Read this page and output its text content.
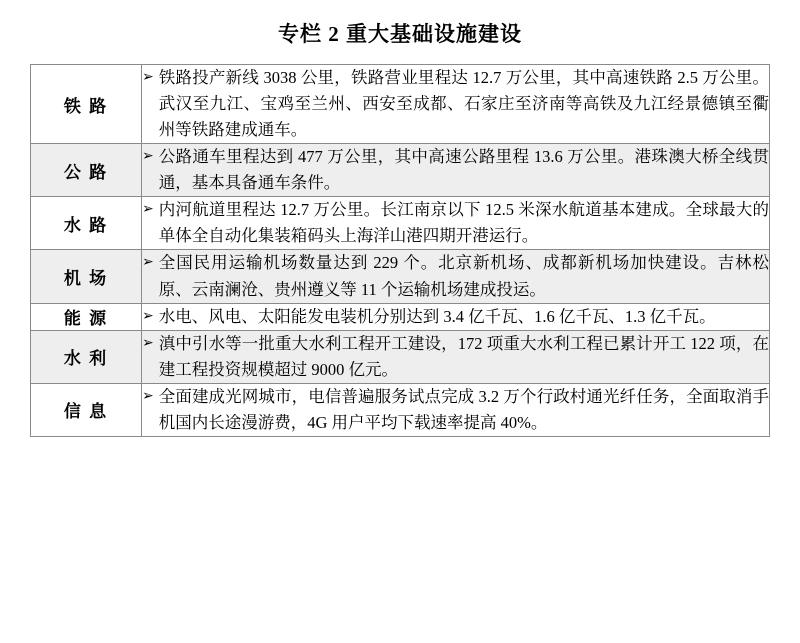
专栏 2 重大基础设施建设
铁 路	➢ 铁路投产新线 3038 公里，铁路营业里程达 12.7 万公里，其中高速铁路 2.5 万公里。武汉至九江、宝鸡至兰州、西安至成都、石家庄至济南等高铁及九江经景德镇至衢州等铁路建成通车。

公 路	➢ 公路通车里程达到 477 万公里，其中高速公路里程 13.6 万公里。港珠澳大桥全线贯通，基本具备通车条件。

水 路	➢ 内河航道里程达 12.7 万公里。长江南京以下 12.5 米深水航道基本建成。全球最大的单体全自动化集装箱码头上海洋山港四期开港运行。

机 场	➢ 全国民用运输机场数量达到 229 个。北京新机场、成都新机场加快建设。吉林松原、云南澜沧、贵州遵义等 11 个运输机场建成投运。

能 源	➢ 水电、风电、太阳能发电装机分别达到 3.4 亿千瓦、1.6 亿千瓦、1.3 亿千瓦。

水 利	➢ 滇中引水等一批重大水利工程开工建设，172 项重大水利工程已累计开工 122 项，在建工程投资规模超过 9000 亿元。

信 息	➢ 全面建成光网城市，电信普遍服务试点完成 3.2 万个行政村通光纤任务，全面取消手机国内长途漫游费，4G 用户平均下载速率提高 40%。
